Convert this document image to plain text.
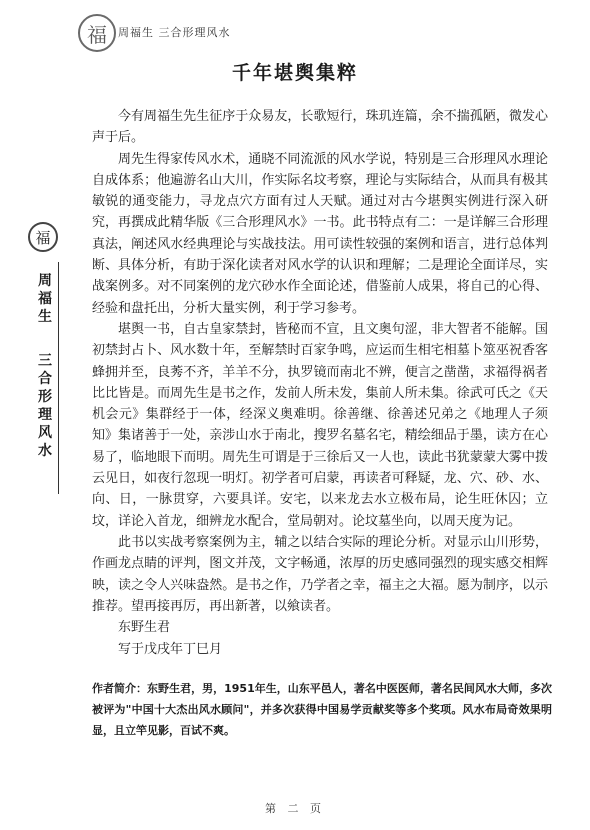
福	周福生 三合形理风水
千年堪舆集粹
福
周福生
三合形理风水

今有周福生先生征序于众易友，长歌短行，珠玑连篇，余不揣孤陋，微发心声于后。

周先生得家传风水术，通晓不同流派的风水学说，特别是三合形理风水理论自成体系；他遍游名山大川，作实际名坟考察，理论与实际结合，从而具有极其敏锐的通变能力，寻龙点穴方面有过人天赋。通过对古今堪舆实例进行深入研究，再撰成此精华版《三合形理风水》一书。此书特点有二：一是详解三合形理真法，阐述风水经典理论与实战技法。用可读性较强的案例和语言，进行总体判断、具体分析，有助于深化读者对风水学的认识和理解；二是理论全面详尽，实战案例多。对不同案例的龙穴砂水作全面论述，借鉴前人成果，将自己的心得、经验和盘托出，分析大量实例，利于学习参考。

堪舆一书，自古皇家禁封，皆秘而不宣，且文奥句涩，非大智者不能解。国初禁封占卜、风水数十年，至解禁时百家争鸣，应运而生相宅相墓卜筮巫祝香客蜂拥并至，良莠不齐，羊羊不分，执罗镜而南北不辨，便言之凿凿，求福得祸者比比皆是。而周先生是书之作，发前人所未发，集前人所未集。徐武可氏之《天机会元》集群经于一体，经深义奥难明。徐善继、徐善述兄弟之《地理人子须知》集诸善于一处，亲涉山水于南北，搜罗名墓名宅，精绘细品于墨，读方在心易了，临地眼下而明。周先生可谓是于三徐后又一人也，读此书犹蒙蒙大雾中拨云见日，如夜行忽现一明灯。初学者可启蒙，再读者可释疑，龙、穴、砂、水、向、日，一脉贯穿，六要具详。安宅，以来龙去水立极布局，论生旺休囚；立坟，详论入首龙，细辨龙水配合，堂局朝对。论坟墓坐向，以周天度为记。

此书以实战考察案例为主，辅之以结合实际的理论分析。对显示山川形势，作画龙点睛的评判，图文并茂，文字畅通，浓厚的历史感同强烈的现实感交相辉映，读之令人兴味盎然。是书之作，乃学者之幸，福主之大福。愿为制序，以示推荐。望再接再厉，再出新著，以飨读者。

东野生君
写于戊戌年丁巳月
作者简介：东野生君，男，1951年生，山东平邑人，著名中医医师，著名民间风水大师，多次被评为"中国十大杰出风水顾问"，并多次获得中国易学贡献奖等多个奖项。风水布局奇效果明显，且立竿见影，百试不爽。
第 二 页
